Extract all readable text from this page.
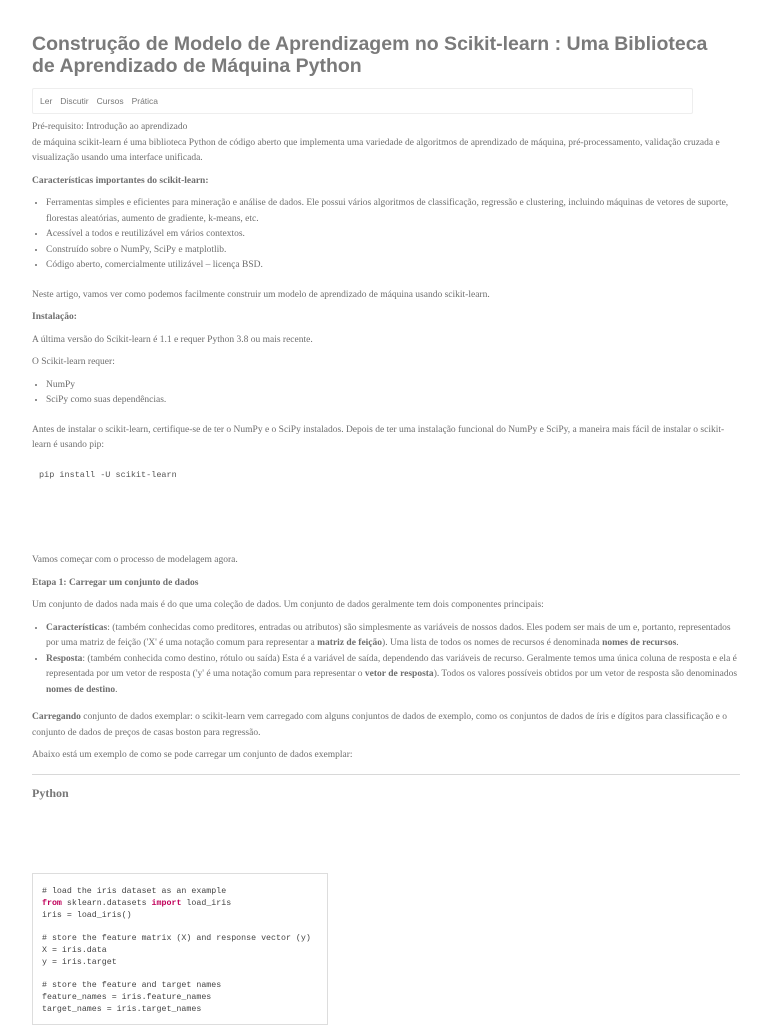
Construção de Modelo de Aprendizagem no Scikit-learn : Uma Biblioteca de Aprendizado de Máquina Python
Ler Discutir Cursos Prática

Pré-requisito: Introdução ao aprendizado

de máquina scikit-learn é uma biblioteca Python de código aberto que implementa uma variedade de algoritmos de aprendizado de máquina, pré-processamento, validação cruzada e visualização usando uma interface unificada.

Características importantes do scikit-learn:

• Ferramentas simples e eficientes para mineração e análise de dados. Ele possui vários algoritmos de classificação, regressão e clustering, incluindo máquinas de vetores de suporte, florestas aleatórias, aumento de gradiente, k-means, etc.
• Acessível a todos e reutilizável em vários contextos.
• Construído sobre o NumPy, SciPy e matplotlib.
• Código aberto, comercialmente utilizável – licença BSD.

Neste artigo, vamos ver como podemos facilmente construir um modelo de aprendizado de máquina usando scikit-learn.

Instalação:

A última versão do Scikit-learn é 1.1 e requer Python 3.8 ou mais recente.

O Scikit-learn requer:

• NumPy
• SciPy como suas dependências.

Antes de instalar o scikit-learn, certifique-se de ter o NumPy e o SciPy instalados. Depois de ter uma instalação funcional do NumPy e SciPy, a maneira mais fácil de instalar o scikit-learn é usando pip:

pip install -U scikit-learn

Vamos começar com o processo de modelagem agora.

Etapa 1: Carregar um conjunto de dados

Um conjunto de dados nada mais é do que uma coleção de dados. Um conjunto de dados geralmente tem dois componentes principais:

• Características: (também conhecidas como preditores, entradas ou atributos) são simplesmente as variáveis de nossos dados. Eles podem ser mais de um e, portanto, representados por uma matriz de feição ('X' é uma notação comum para representar a matriz de feição). Uma lista de todos os nomes de recursos é denominada nomes de recursos.
• Resposta: (também conhecida como destino, rótulo ou saída) Esta é a variável de saída, dependendo das variáveis de recurso. Geralmente temos uma única coluna de resposta e ela é representada por um vetor de resposta ('y' é uma notação comum para representar o vetor de resposta). Todos os valores possíveis obtidos por um vetor de resposta são denominados nomes de destino.

Carregando conjunto de dados exemplar: o scikit-learn vem carregado com alguns conjuntos de dados de exemplo, como os conjuntos de dados de íris e dígitos para classificação e o conjunto de dados de preços de casas boston para regressão.

Abaixo está um exemplo de como se pode carregar um conjunto de dados exemplar:

Python

# load the iris dataset as an example
from sklearn.datasets import load_iris
iris = load_iris()

# store the feature matrix (X) and response vector (y)
X = iris.data
y = iris.target

# store the feature and target names
feature_names = iris.feature_names
target_names = iris.target_names
